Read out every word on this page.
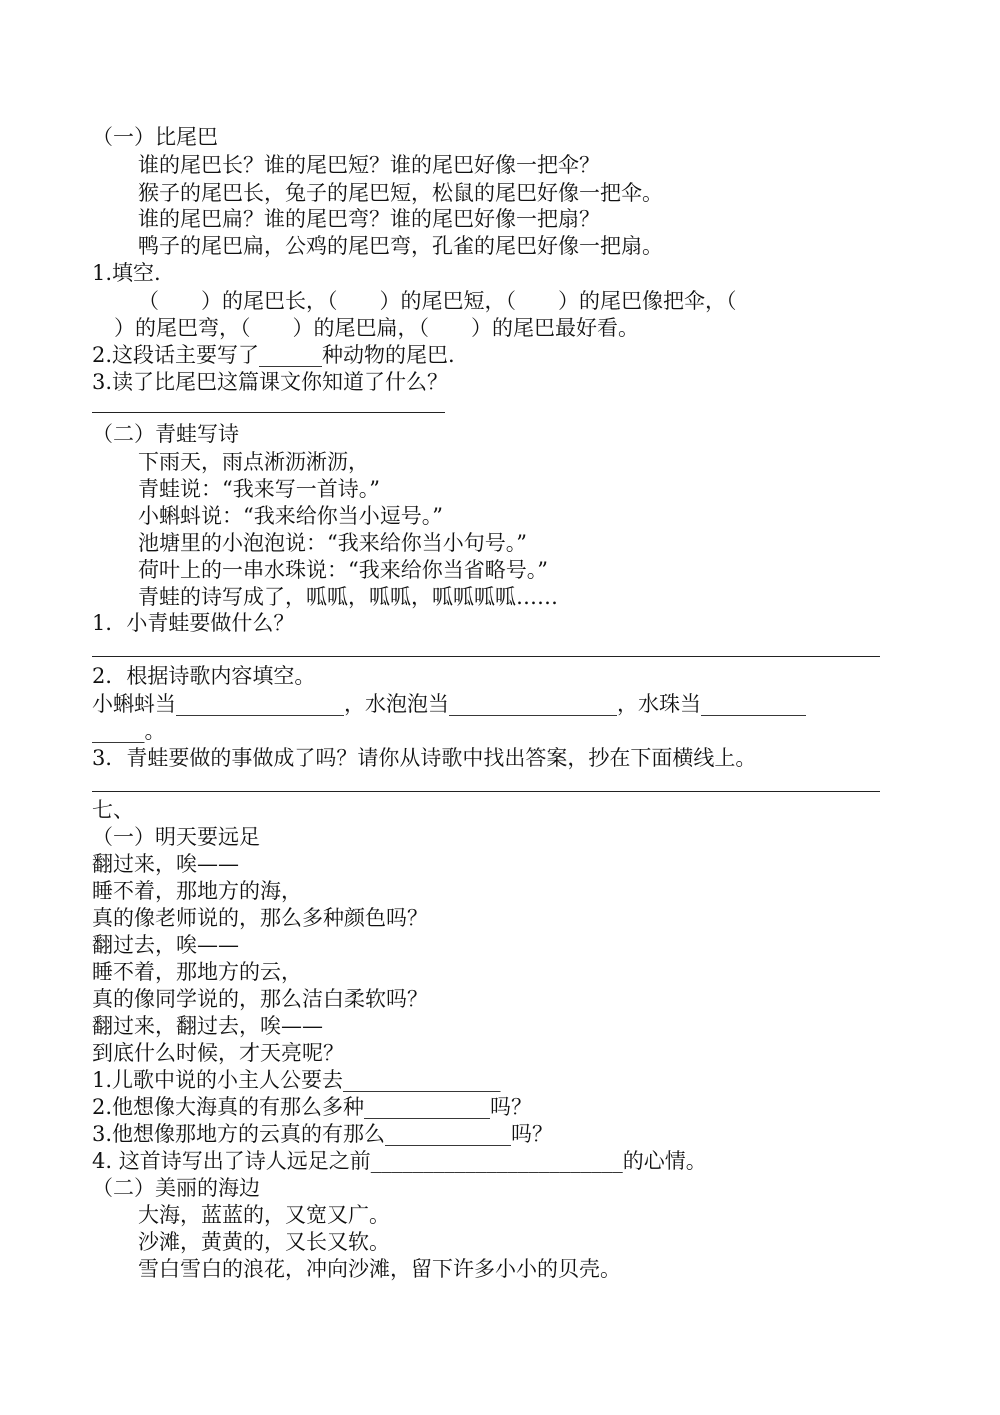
（一）比尾巴

谁的尾巴长？谁的尾巴短？谁的尾巴好像一把伞？

猴子的尾巴长，兔子的尾巴短，松鼠的尾巴好像一把伞。

谁的尾巴扁？谁的尾巴弯？谁的尾巴好像一把扇？

鸭子的尾巴扁，公鸡的尾巴弯，孔雀的尾巴好像一把扇。

1.填空.

（　　）的尾巴长，（　　）的尾巴短，（　　）的尾巴像把伞，（

）的尾巴弯，（　　）的尾巴扁，（　　）的尾巴最好看。

2.这段话主要写了______种动物的尾巴.

3.读了比尾巴这篇课文你知道了什么？

（二）青蛙写诗

下雨天，雨点淅沥淅沥，

青蛙说：“我来写一首诗。”

小蝌蚪说：“我来给你当小逗号。”

池塘里的小泡泡说：“我来给你当小句号。”

荷叶上的一串水珠说：“我来给你当省略号。”

青蛙的诗写成了，呱呱，呱呱，呱呱呱呱……

1．小青蛙要做什么？

2．根据诗歌内容填空。

小蝌蚪当________________，水泡泡当________________，水珠当__________

_____。

3．青蛙要做的事做成了吗？请你从诗歌中找出答案，抄在下面横线上。

七、

（一）明天要远足

翻过来，唉——

睡不着，那地方的海，

真的像老师说的，那么多种颜色吗？

翻过去，唉——

睡不着，那地方的云，

真的像同学说的，那么洁白柔软吗？

翻过来，翻过去，唉——

到底什么时候，才天亮呢？

1.儿歌中说的小主人公要去_______________

2.他想像大海真的有那么多种____________吗？

3.他想像那地方的云真的有那么____________吗？

4. 这首诗写出了诗人远足之前________________________的心情。

（二）美丽的海边

大海，蓝蓝的，又宽又广。

沙滩，黄黄的，又长又软。

雪白雪白的浪花，冲向沙滩，留下许多小小的贝壳。
